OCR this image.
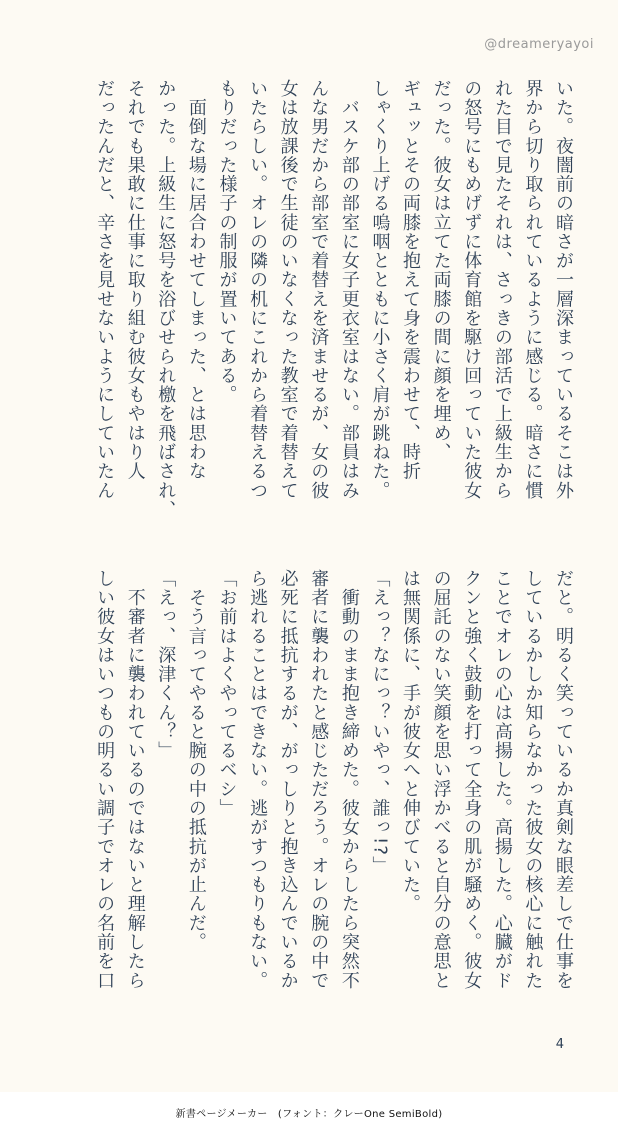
@dreameryayoi
いた。夜闇前の暗さが一層深まっているそこは外
界から切り取られているように感じる。暗さに慣
れた目で見たそれは、さっきの部活で上級生から
の怒号にもめげずに体育館を駆け回っていた彼女
だった。彼女は立てた両膝の間に顔を埋め、
ギュッとその両膝を抱えて身を震わせて、時折
しゃくり上げる嗚咽とともに小さく肩が跳ねた。
　バスケ部の部室に女子更衣室はない。部員はみ
んな男だから部室で着替えを済ませるが、女の彼
女は放課後で生徒のいなくなった教室で着替えて
いたらしい。オレの隣の机にこれから着替えるつ
もりだった様子の制服が置いてある。
　面倒な場に居合わせてしまった、とは思わな
かった。上級生に怒号を浴びせられ檄を飛ばされ、
それでも果敢に仕事に取り組む彼女もやはり人
だったんだと、辛さを見せないようにしていたん
だと。明るく笑っているか真剣な眼差しで仕事を
しているかしか知らなかった彼女の核心に触れた
ことでオレの心は高揚した。高揚した。心臓がド
クンと強く鼓動を打って全身の肌が騒めく。彼女
の屈託のない笑顔を思い浮かべると自分の意思と
は無関係に、手が彼女へと伸びていた。
「えっ？なにっ？いやっ、誰っ!?」
　衝動のまま抱き締めた。彼女からしたら突然不
審者に襲われたと感じただろう。オレの腕の中で
必死に抵抗するが、がっしりと抱き込んでいるか
ら逃れることはできない。逃がすつもりもない。
「お前はよくやってるベシ」
　そう言ってやると腕の中の抵抗が止んだ。
「えっ、深津くん？」
　不審者に襲われているのではないと理解したら
しい彼女はいつもの明るい調子でオレの名前を口
4
新書ページメーカー　(フォント：クレーOne SemiBold)
